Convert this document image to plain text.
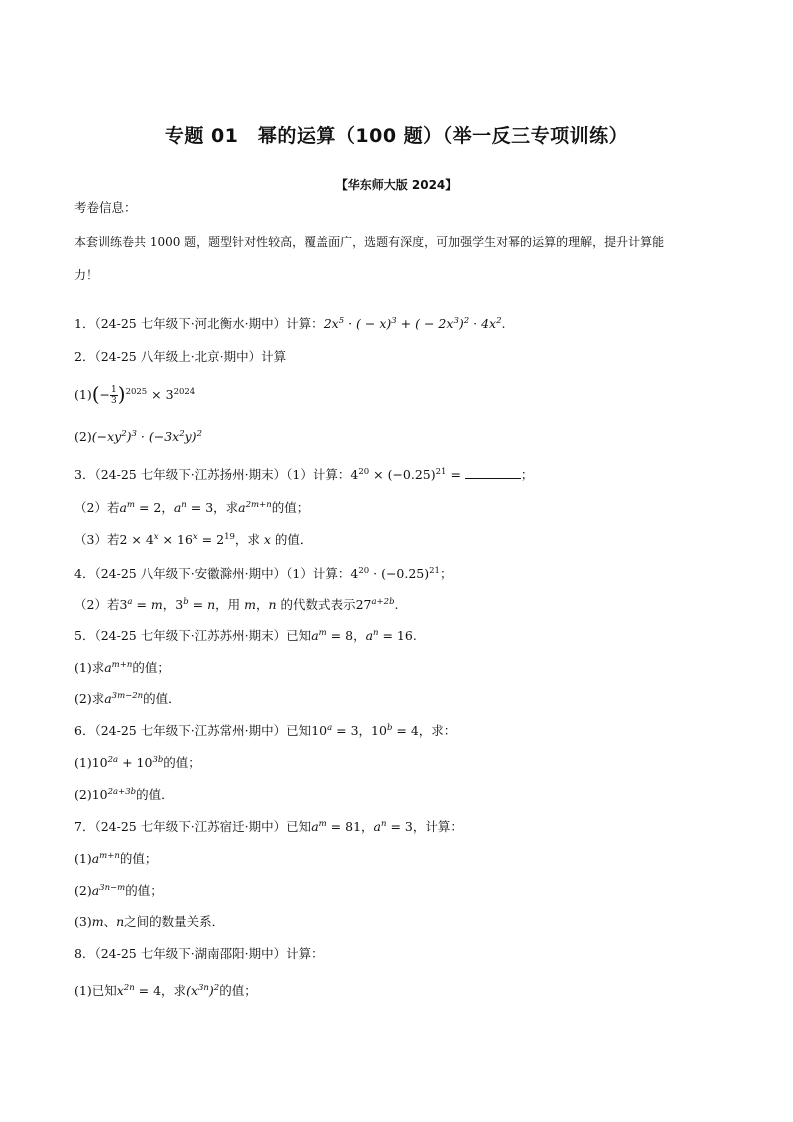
专题 01　幂的运算（100 题）（举一反三专项训练）
【华东师大版 2024】
考卷信息：
本套训练卷共 1000 题，题型针对性较高，覆盖面广，选题有深度，可加强学生对幂的运算的理解，提升计算能
力！
1．（24-25 七年级下·河北衡水·期中）计算：$2x^5$ · ( − x)$^3$ + ( − $2x^3)^2 \cdot 4x^2$.
2．（24-25 八年级上·北京·期中）计算
$(1)(- \frac{1}{3} )^{2025} \times 3^{2024}$
$(2)(-xy^2)^3 \cdot (-3x^2y)^2$
3．（24-25 七年级下·江苏扬州·期末）（1）计算：$4^{20} \times (-0.25)^{21}$ =	；
（2）若$a^m = 2$，$a^n = 3$，求$a^{2m+n}$的值；
（3）若$2 \times 4^x \times 16^x = 2^{19}$，求 x 的值．
4．（24-25 八年级下·安徽滁州·期中）（1）计算：$4^{20} \cdot (-0.25)^{21}$；
（2）若$3^a = m$，$3^b = n$，用 m，n 的代数式表示$27^{a+2b}$.
5．（24-25 七年级下·江苏苏州·期末）已知$a^m = 8$，$a^n = 16$.
(1)求$a^{m+n}$的值；
(2)求$a^{3m-2n}$的值．
6．（24-25 七年级下·江苏常州·期中）已知$10^a = 3$，$10^b = 4$，求：
$(1)10^{2a} + 10^{3b}$的值；
$(2)10^{2a+3b}$的值．
7．（24-25 七年级下·江苏宿迁·期中）已知$a^m = 81$，$a^n = 3$，计算：
$(1)a^{m+n}$的值；
$(2)a^{3n-m}$的值；
(3)m、n之间的数量关系．
8．（24-25 七年级下·湖南邵阳·期中）计算：
(1)已知$x^{2n} = 4$，求$(x^{3n})^2$的值；
